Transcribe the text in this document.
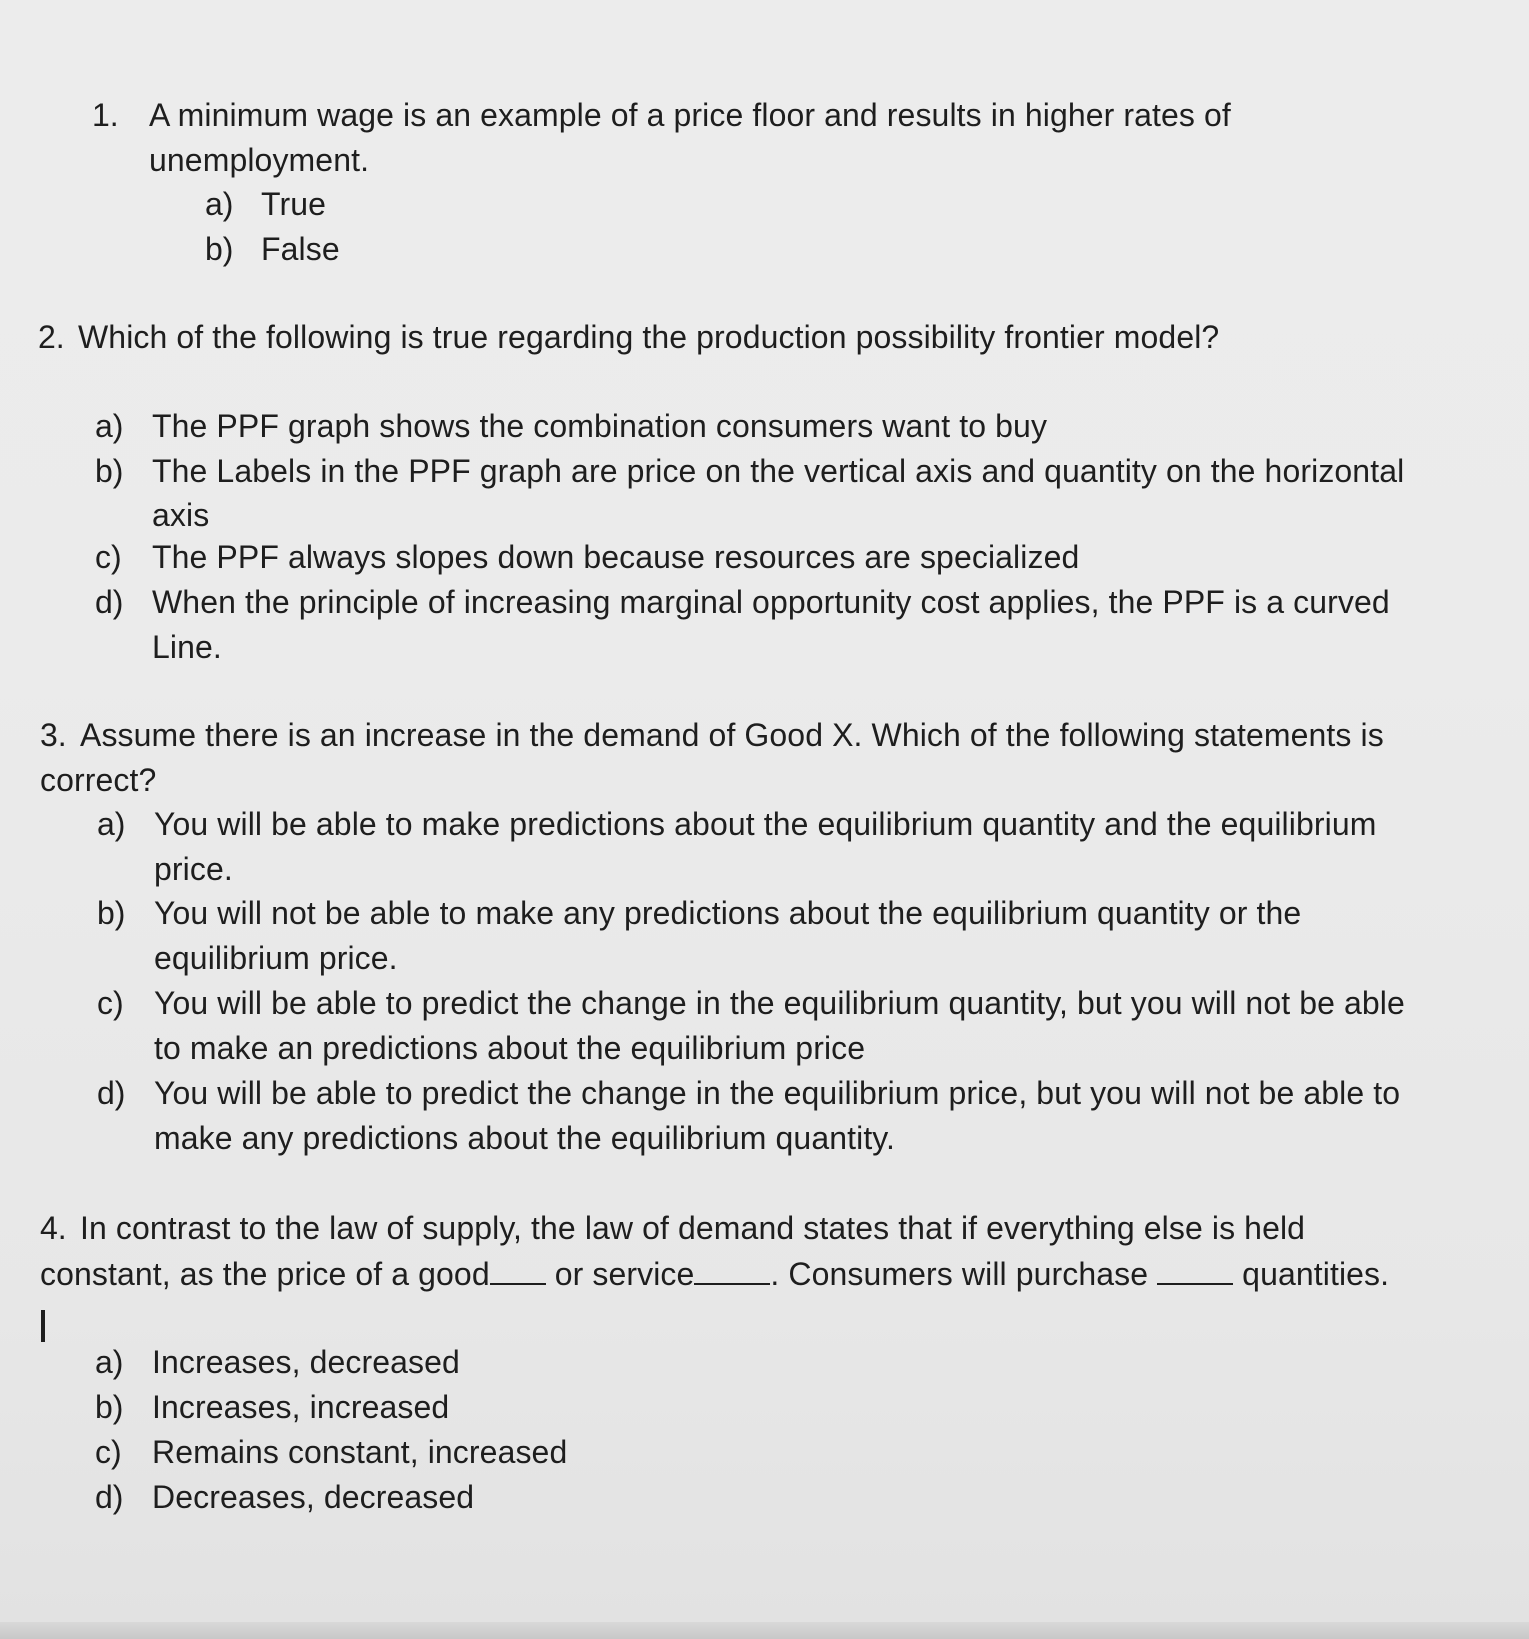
1. A minimum wage is an example of a price floor and results in higher rates of
unemployment.
a) True
b) False
2. Which of the following is true regarding the production possibility frontier model?
a) The PPF graph shows the combination consumers want to buy
b) The Labels in the PPF graph are price on the vertical axis and quantity on the horizontal
axis
c) The PPF always slopes down because resources are specialized
d) When the principle of increasing marginal opportunity cost applies, the PPF is a curved
Line.
3. Assume there is an increase in the demand of Good X. Which of the following statements is
correct?
a) You will be able to make predictions about the equilibrium quantity and the equilibrium
price.
b) You will not be able to make any predictions about the equilibrium quantity or the
equilibrium price.
c) You will be able to predict the change in the equilibrium quantity, but you will not be able
to make an predictions about the equilibrium price
d) You will be able to predict the change in the equilibrium price, but you will not be able to
make any predictions about the equilibrium quantity.
4. In contrast to the law of supply, the law of demand states that if everything else is held
constant, as the price of a good or service . Consumers will purchase	quantities.
a) Increases, decreased
b) Increases, increased
c) Remains constant, increased
d) Decreases, decreased
